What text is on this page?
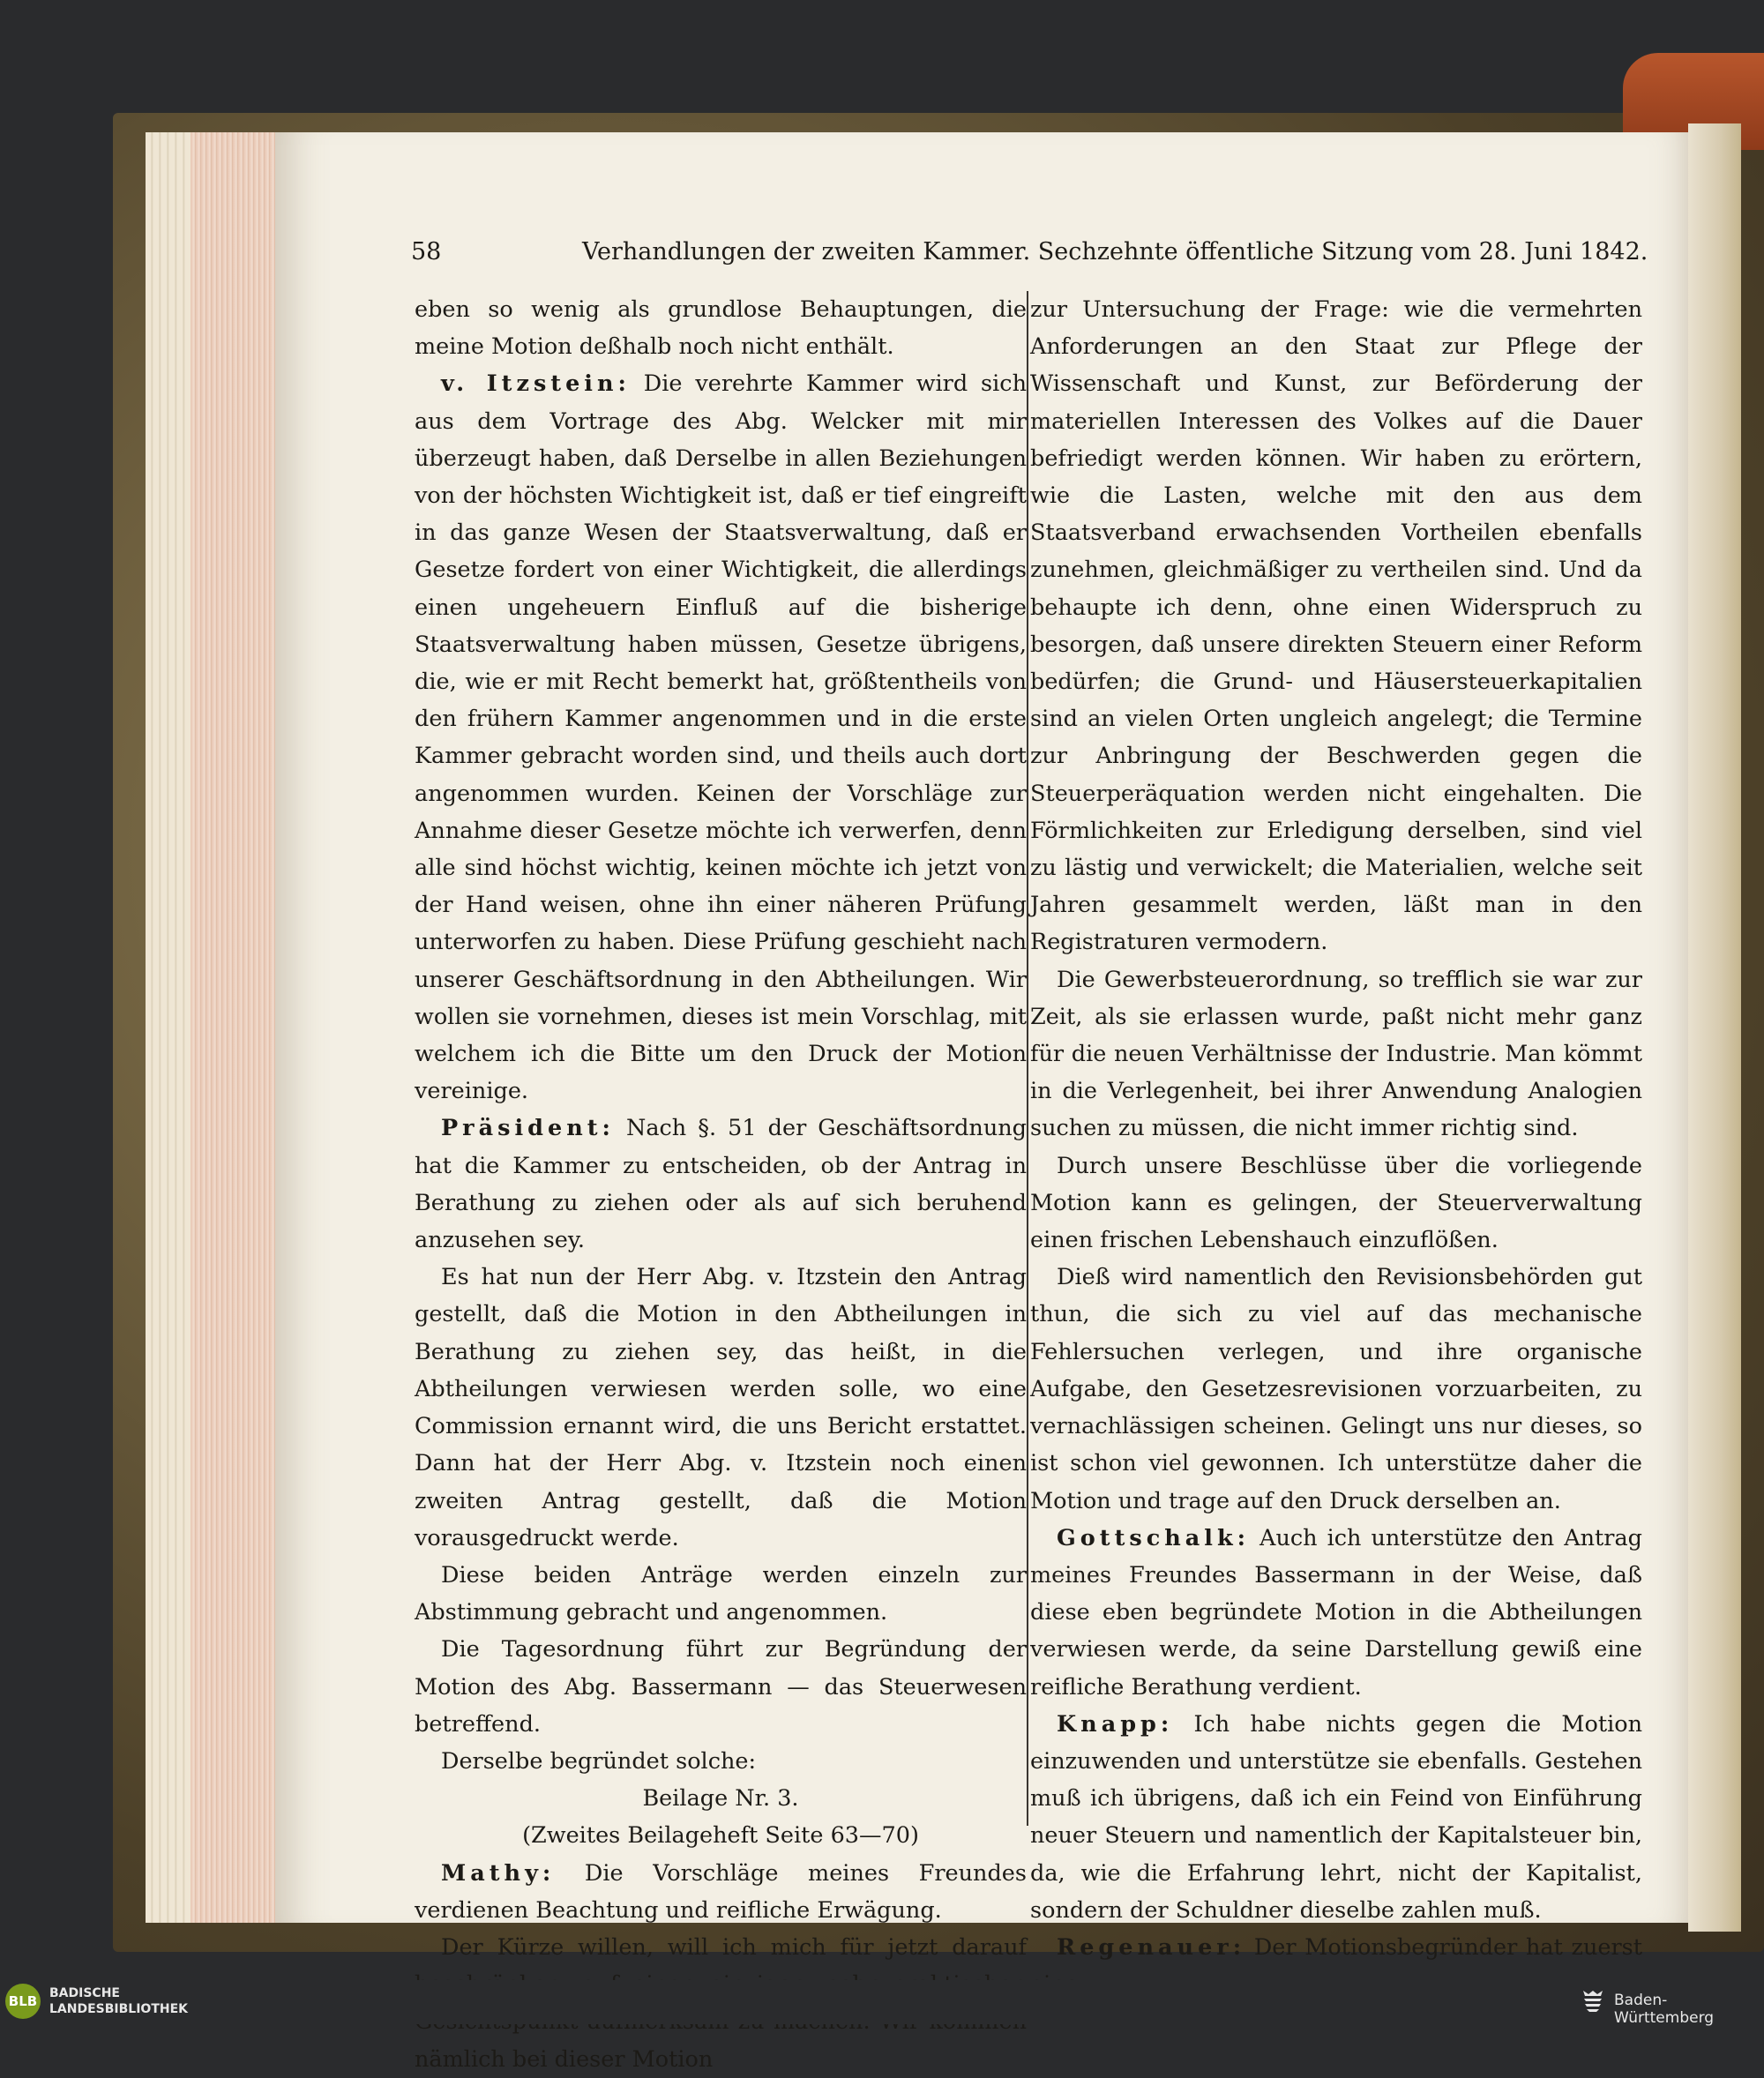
58	Verhandlungen der zweiten Kammer. Sechzehnte öffentliche Sitzung vom 28. Juni 1842.

eben so wenig als grundlose Behauptungen, die meine Motion deßhalb noch nicht enthält.

v. Itzstein: Die verehrte Kammer wird sich aus dem Vortrage des Abg. Welcker mit mir überzeugt haben, daß Derselbe in allen Beziehungen von der höchsten Wichtigkeit ist, daß er tief eingreift in das ganze Wesen der Staatsverwaltung, daß er Gesetze fordert von einer Wichtigkeit, die allerdings einen ungeheuern Einfluß auf die bisherige Staatsverwaltung haben müssen, Gesetze übrigens, die, wie er mit Recht bemerkt hat, größtentheils von den frühern Kammer angenommen und in die erste Kammer gebracht worden sind, und theils auch dort angenommen wurden. Keinen der Vorschläge zur Annahme dieser Gesetze möchte ich verwerfen, denn alle sind höchst wichtig, keinen möchte ich jetzt von der Hand weisen, ohne ihn einer näheren Prüfung unterworfen zu haben. Diese Prüfung geschieht nach unserer Geschäftsordnung in den Abtheilungen. Wir wollen sie vornehmen, dieses ist mein Vorschlag, mit welchem ich die Bitte um den Druck der Motion vereinige.

Präsident: Nach §. 51 der Geschäftsordnung hat die Kammer zu entscheiden, ob der Antrag in Berathung zu ziehen oder als auf sich beruhend anzusehen sey.

Es hat nun der Herr Abg. v. Itzstein den Antrag gestellt, daß die Motion in den Abtheilungen in Berathung zu ziehen sey, das heißt, in die Abtheilungen verwiesen werden solle, wo eine Commission ernannt wird, die uns Bericht erstattet. Dann hat der Herr Abg. v. Itzstein noch einen zweiten Antrag gestellt, daß die Motion vorausgedruckt werde.

Diese beiden Anträge werden einzeln zur Abstimmung gebracht und angenommen.

Die Tagesordnung führt zur Begründung der Motion des Abg. Bassermann — das Steuerwesen betreffend.

Derselbe begründet solche:

Beilage Nr. 3.

(Zweites Beilageheft Seite 63—70)

Mathy: Die Vorschläge meines Freundes verdienen Beachtung und reifliche Erwägung.

Der Kürze willen, will ich mich für jetzt darauf nämlich bei dieser Motion

zur Untersuchung der Frage: wie die vermehrten Anforderungen an den Staat zur Pflege der Wissenschaft und Kunst, zur Beförderung der materiellen Interessen des Volkes auf die Dauer befriedigt werden können. Wir haben zu erörtern, wie die Lasten, welche mit den aus dem Staatsverband erwachsenden Vortheilen ebenfalls zunehmen, gleichmäßiger zu vertheilen sind. Und da behaupte ich denn, ohne einen Widerspruch zu besorgen, daß unsere direkten Steuern einer Reform bedürfen; die Grund- und Häusersteuerkapitalien sind an vielen Orten ungleich angelegt; die Termine zur Anbringung der Beschwerden gegen die Steuerperäquation werden nicht eingehalten. Die Förmlichkeiten zur Erledigung derselben, sind viel zu lästig und verwickelt; die Materialien, welche seit Jahren gesammelt werden, läßt man in den Registraturen vermodern.

Die Gewerbsteuerordnung, so trefflich sie war zur Zeit, als sie erlassen wurde, paßt nicht mehr ganz für die neuen Verhältnisse der Industrie. Man kömmt in die Verlegenheit, bei ihrer Anwendung Analogien suchen zu müssen, die nicht immer richtig sind.

Durch unsere Beschlüsse über die vorliegende Motion kann es gelingen, der Steuerverwaltung einen frischen Lebenshauch einzuflößen.

Dieß wird namentlich den Revisionsbehörden gut thun, die sich zu viel auf das mechanische Fehlersuchen verlegen, und ihre organische Aufgabe, den Gesetzesrevisionen vorzuarbeiten, zu vernachlässigen scheinen. Gelingt uns nur dieses, so ist schon viel gewonnen. Ich unterstütze daher die Motion und trage auf den Druck derselben an.

Gottschalk: Auch ich unterstütze den Antrag meines Freundes Bassermann in der Weise, daß diese eben begründete Motion in die Abtheilungen verwiesen werde, da seine Darstellung gewiß eine reifliche Berathung verdient.

Knapp: Ich habe nichts gegen die Motion einzuwenden und unterstütze sie ebenfalls. Gestehen muß ich übrigens, daß ich ein Feind von Einführung neuer Steuern und namentlich der Kapitalsteuer bin, da, wie die Erfahrung lehrt, nicht der Kapitalist, sondern der Schuldner dieselbe zahlen muß.

Regenauer: Der Motionsbegründer hat zuerst

BLB BADISCHE
LANDESBIBLIOTHEK	Baden-Württemberg
